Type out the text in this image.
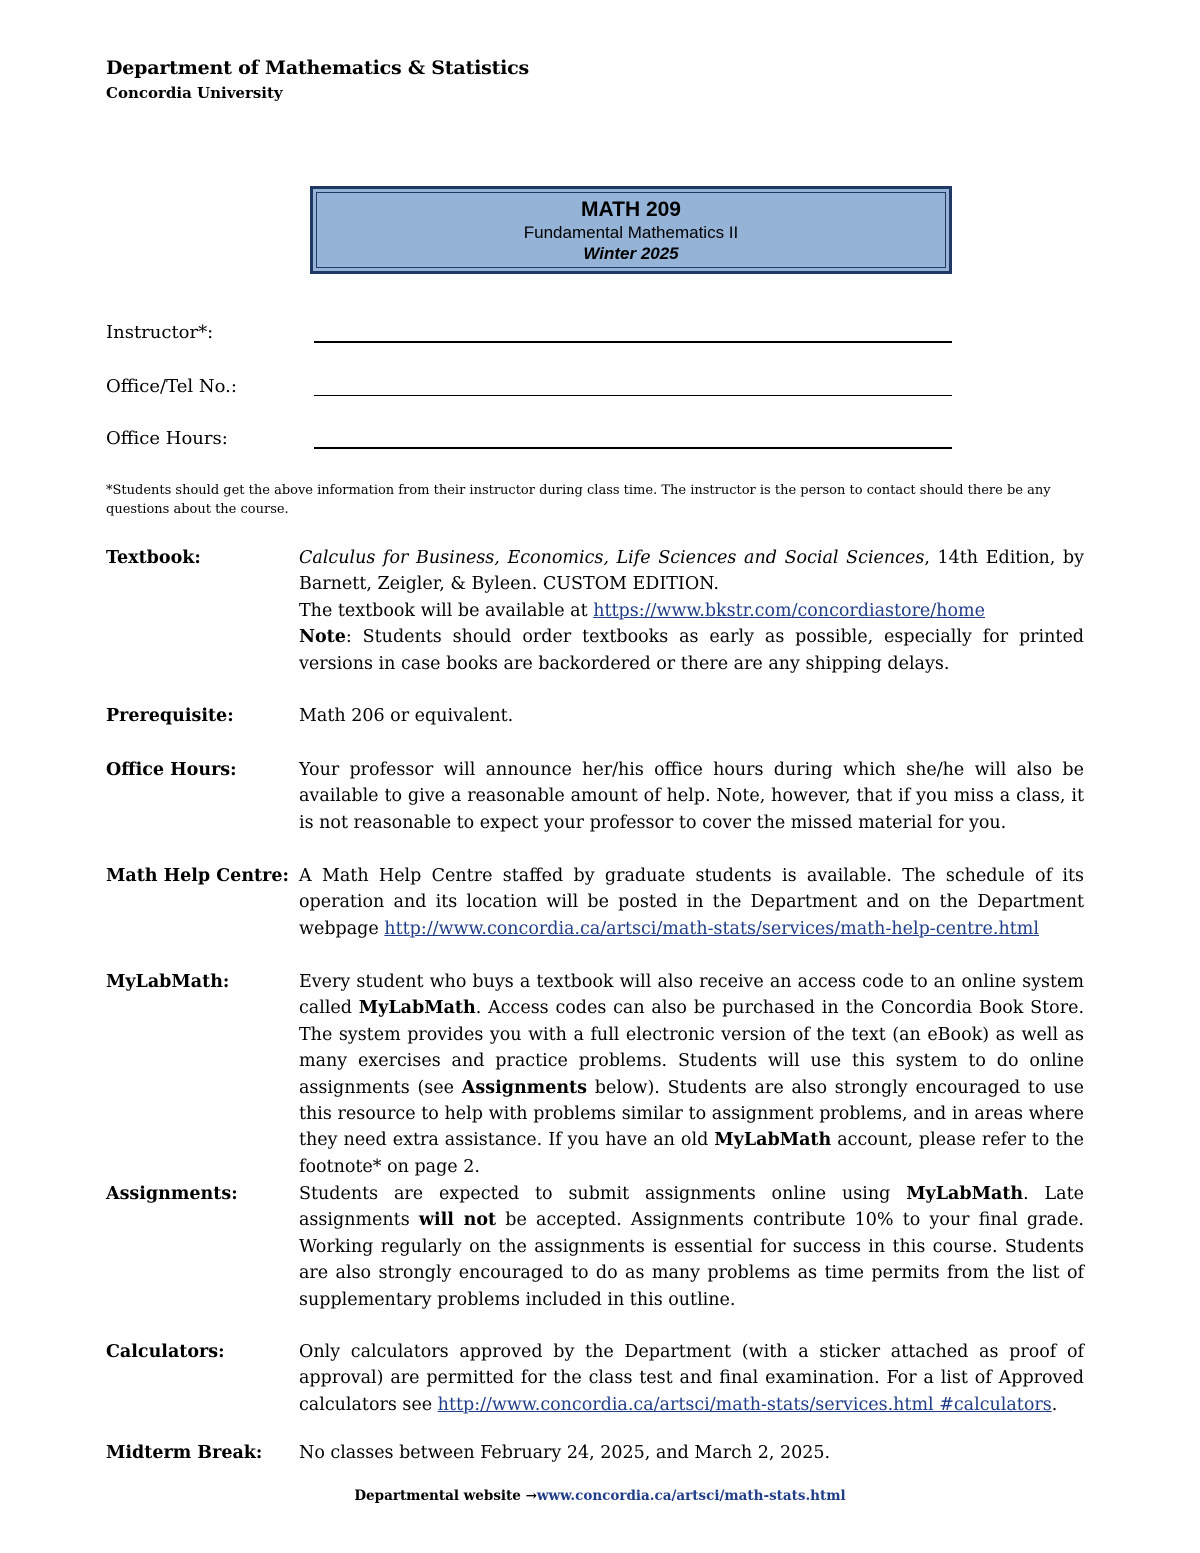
Department of Mathematics & Statistics
Concordia University
MATH 209
Fundamental Mathematics II
Winter 2025
Instructor*:
Office/Tel No.:
Office Hours:
*Students should get the above information from their instructor during class time. The instructor is the person to contact should there be any questions about the course.
Textbook:	Calculus for Business, Economics, Life Sciences and Social Sciences, 14th Edition, by Barnett, Zeigler, & Byleen. CUSTOM EDITION.
The textbook will be available at https://www.bkstr.com/concordiastore/home
Note: Students should order textbooks as early as possible, especially for printed versions in case books are backordered or there are any shipping delays.
Prerequisite:	Math 206 or equivalent.
Office Hours:	Your professor will announce her/his office hours during which she/he will also be available to give a reasonable amount of help. Note, however, that if you miss a class, it is not reasonable to expect your professor to cover the missed material for you.
Math Help Centre: A Math Help Centre staffed by graduate students is available. The schedule of its operation and its location will be posted in the Department and on the Department webpage http://www.concordia.ca/artsci/math-stats/services/math-help-centre.html
MyLabMath:	Every student who buys a textbook will also receive an access code to an online system called MyLabMath. Access codes can also be purchased in the Concordia Book Store. The system provides you with a full electronic version of the text (an eBook) as well as many exercises and practice problems. Students will use this system to do online assignments (see Assignments below). Students are also strongly encouraged to use this resource to help with problems similar to assignment problems, and in areas where they need extra assistance. If you have an old MyLabMath account, please refer to the footnote* on page 2.
Assignments:	Students are expected to submit assignments online using MyLabMath. Late assignments will not be accepted. Assignments contribute 10% to your final grade. Working regularly on the assignments is essential for success in this course. Students are also strongly encouraged to do as many problems as time permits from the list of supplementary problems included in this outline.
Calculators:	Only calculators approved by the Department (with a sticker attached as proof of approval) are permitted for the class test and final examination. For a list of Approved calculators see http://www.concordia.ca/artsci/math-stats/services.html #calculators.
Midterm Break: No classes between February 24, 2025, and March 2, 2025.
Departmental website →www.concordia.ca/artsci/math-stats.html
